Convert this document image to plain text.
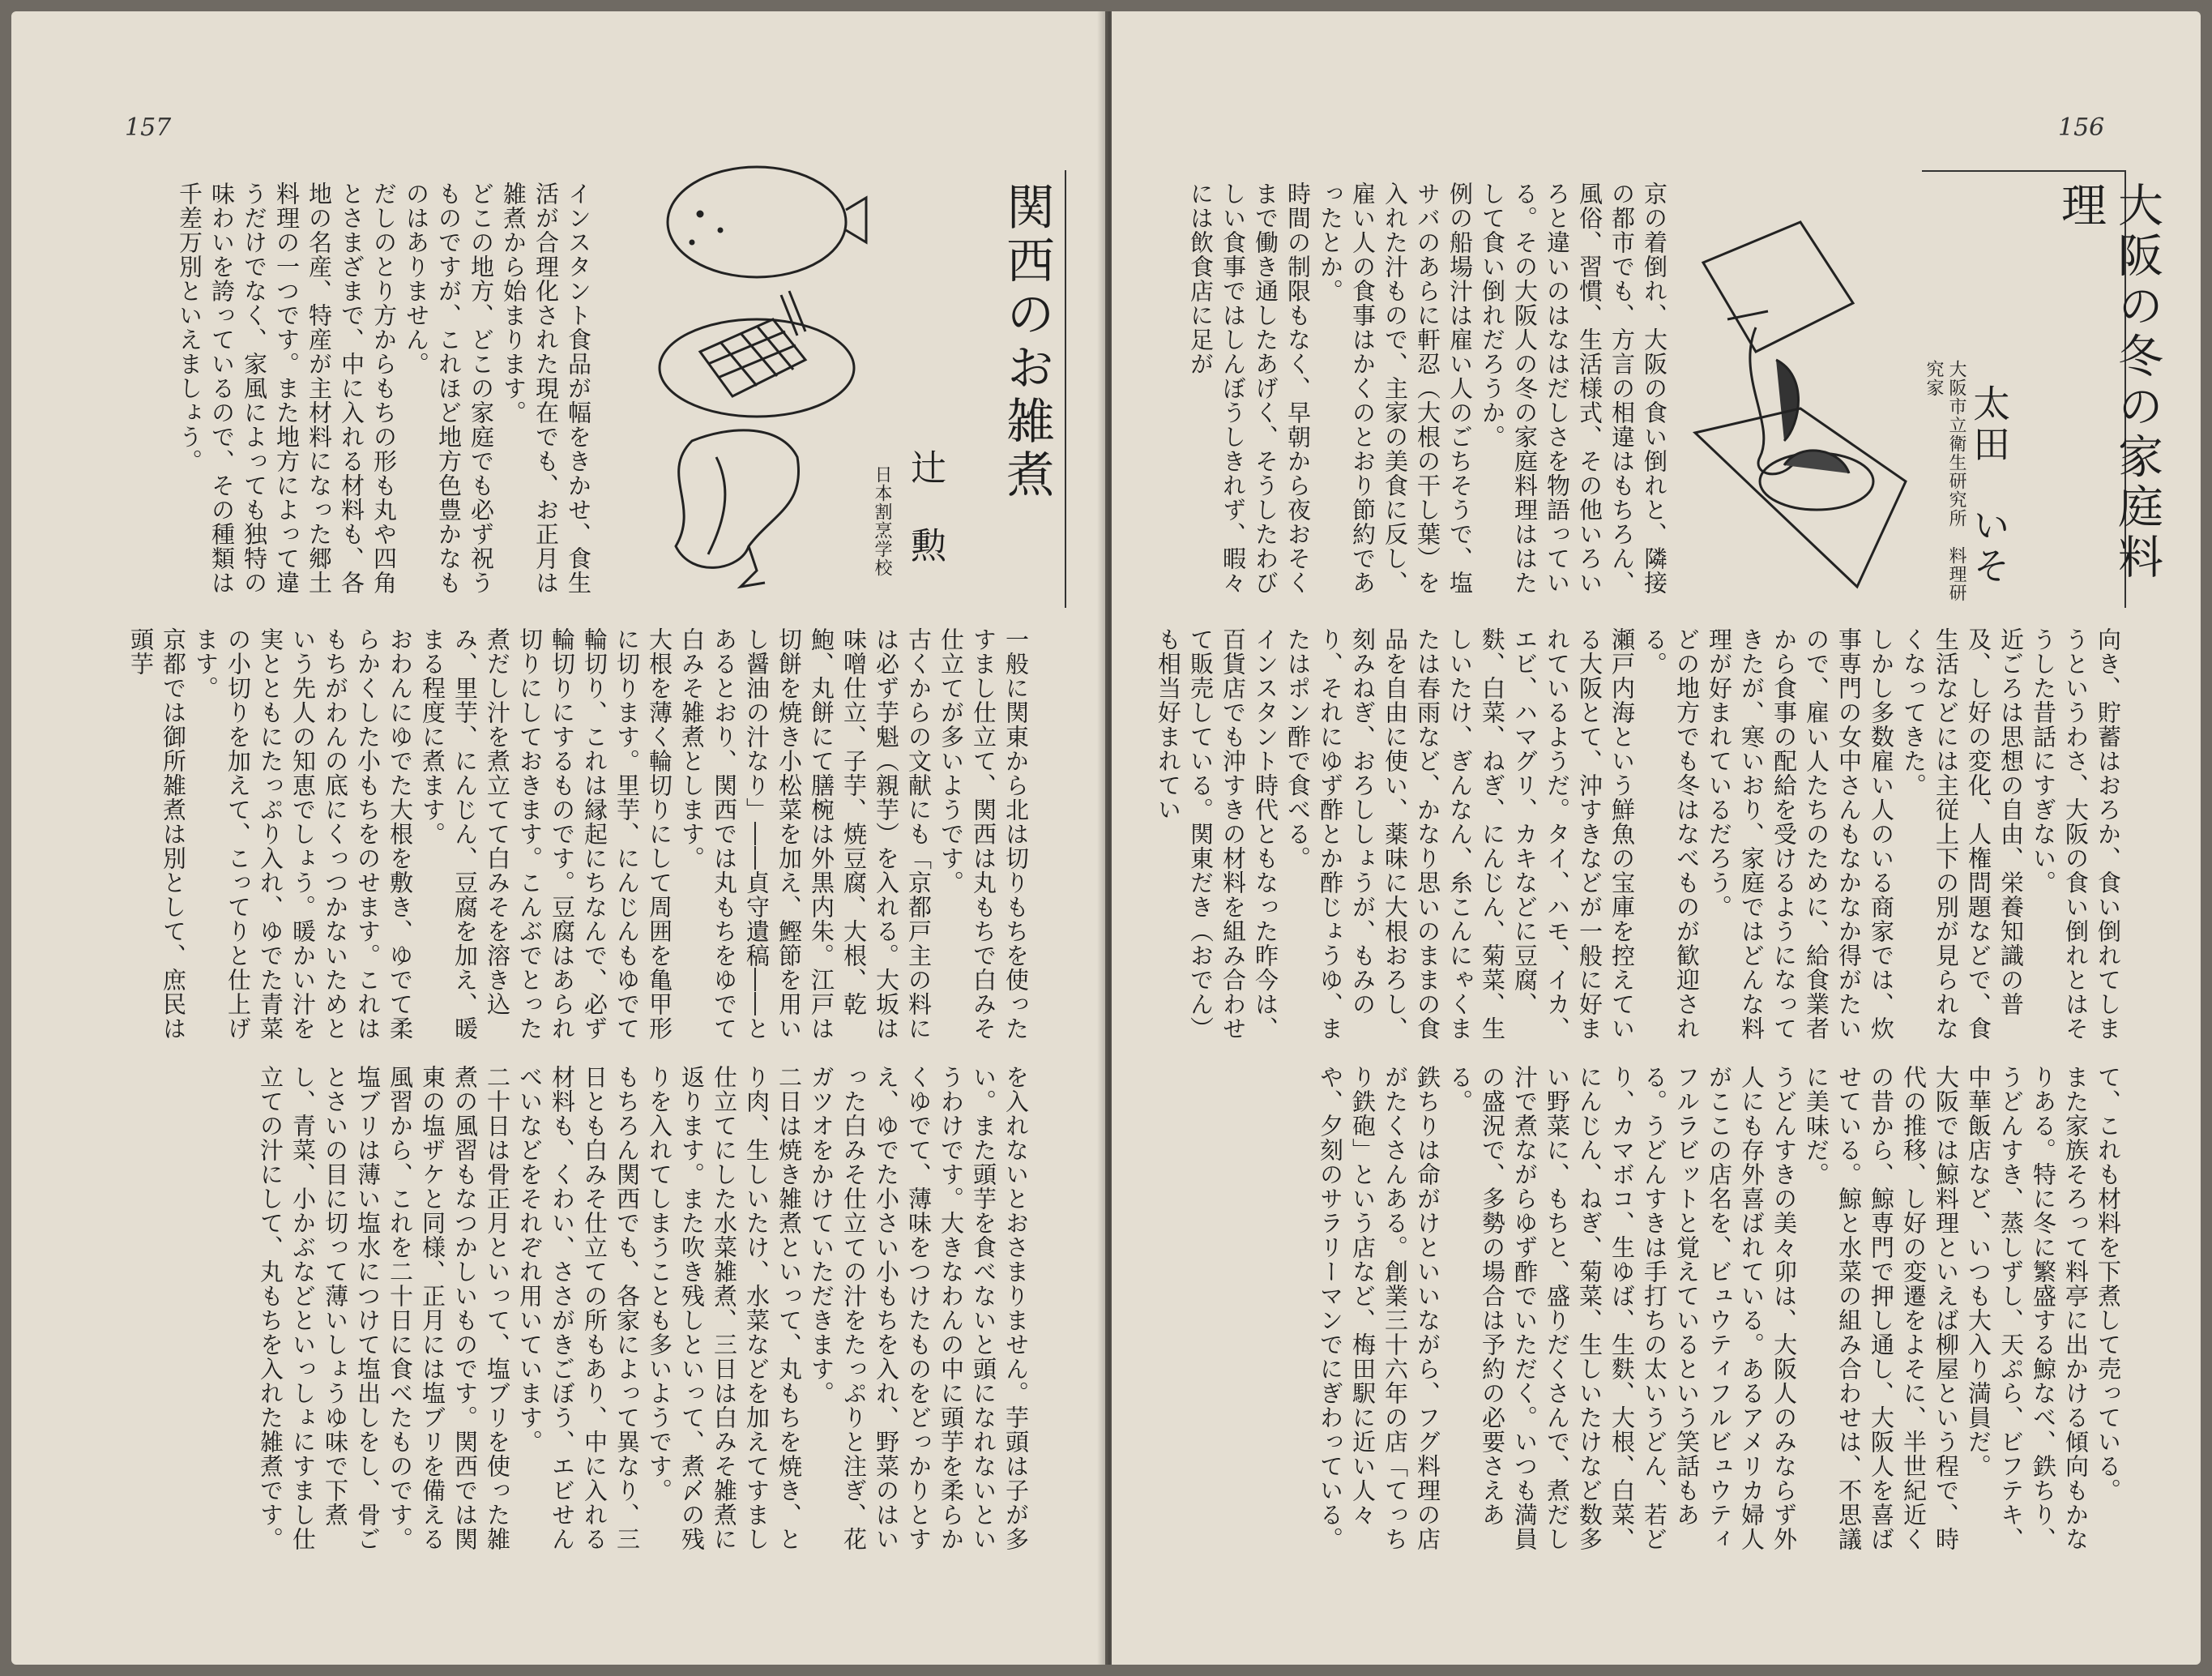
157
関西のお雑煮
辻　勲
日本割烹学校

インスタント食品が幅をきかせ、食生活が合理化された現在でも、お正月は雑煮から始まります。
どこの地方、どこの家庭でも必ず祝うものですが、これほど地方色豊かなものはありません。
だしのとり方からもちの形も丸や四角とさまざまで、中に入れる材料も、各地の名産、特産が主材料になった郷土料理の一つです。また地方によって違うだけでなく、家風によっても独特の味わいを誇っているので、その種類は千差万別といえましょう。

一般に関東から北は切りもちを使ったすまし仕立て、関西は丸もちで白みそ仕立てが多いようです。
古くからの文献にも「京都戸主の料には必ず芋魁（親芋）を入れる。大坂は味噌仕立、子芋、焼豆腐、大根、乾鮑、丸餅にて膳椀は外黒内朱。江戸は切餅を焼き小松菜を加え、鰹節を用いし醤油の汁なり」――貞守遺稿――とあるとおり、関西では丸もちをゆでて白みそ雑煮とします。
大根を薄く輪切りにして周囲を亀甲形に切ります。里芋、にんじんもゆでて輪切り、これは縁起にちなんで、必ず輪切りにするものです。豆腐はあられ切りにしておきます。こんぶでとった煮だし汁を煮立てて白みそを溶き込み、里芋、にんじん、豆腐を加え、暖まる程度に煮ます。
おわんにゆでた大根を敷き、ゆでて柔らかくした小もちをのせます。これはもちがわんの底にくっつかないためという先人の知恵でしょう。暖かい汁を実とともにたっぷり入れ、ゆでた青菜の小切りを加えて、こってりと仕上げます。
京都では御所雑煮は別として、庶民は頭芋

を入れないとおさまりません。芋頭は子が多い。また頭芋を食べないと頭になれないというわけです。大きなわんの中に頭芋を柔らかくゆでて、薄味をつけたものをどっかりとすえ、ゆでた小さい小もちを入れ、野菜のはいった白みそ仕立ての汁をたっぷりと注ぎ、花ガツオをかけていただきます。
二日は焼き雑煮といって、丸もちを焼き、とり肉、生しいたけ、水菜などを加えてすまし仕立てにした水菜雑煮、三日は白みそ雑煮に返ります。また吹き残しといって、煮〆の残りを入れてしまうことも多いようです。
もちろん関西でも、各家によって異なり、三日とも白みそ仕立ての所もあり、中に入れる材料も、くわい、ささがきごぼう、エビせんべいなどをそれぞれ用いています。
二十日は骨正月といって、塩ブリを使った雑煮の風習もなつかしいものです。関西では関東の塩ザケと同様、正月には塩ブリを備える風習から、これを二十日に食べたものです。
塩ブリは薄い塩水につけて塩出しをし、骨ごとさいの目に切って薄いしょうゆ味で下煮し、青菜、小かぶなどといっしょにすまし仕立ての汁にして、丸もちを入れた雑煮です。

156
大阪の冬の家庭料理
太田　いそ
大阪市立衛生研究所　料理研究家

京の着倒れ、大阪の食い倒れと、隣接の都市でも、方言の相違はもちろん、風俗、習慣、生活様式、その他いろいろと違いのはなはだしさを物語っている。その大阪人の冬の家庭料理ははたして食い倒れだろうか。
例の船場汁は雇い人のごちそうで、塩サバのあらに軒忍（大根の干し葉）を入れた汁もので、主家の美食に反し、雇い人の食事はかくのとおり節約であったとか。
時間の制限もなく、早朝から夜おそくまで働き通したあげく、そうしたわびしい食事ではしんぼうしきれず、暇々には飲食店に足が

向き、貯蓄はおろか、食い倒れてしまうというわさ、大阪の食い倒れとはそうした昔話にすぎない。
近ごろは思想の自由、栄養知識の普及、し好の変化、人権問題などで、食生活などには主従上下の別が見られなくなってきた。
しかし多数雇い人のいる商家では、炊事専門の女中さんもなかなか得がたいので、雇い人たちのために、給食業者から食事の配給を受けるようになってきたが、寒いおり、家庭ではどんな料理が好まれているだろう。
どの地方でも冬はなべものが歓迎される。
瀬戸内海という鮮魚の宝庫を控えている大阪とて、沖すきなどが一般に好まれているようだ。タイ、ハモ、イカ、エビ、ハマグリ、カキなどに豆腐、麩、白菜、ねぎ、にんじん、菊菜、生しいたけ、ぎんなん、糸こんにゃくまたは春雨など、かなり思いのままの食品を自由に使い、薬味に大根おろし、刻みねぎ、おろししょうが、もみのり、それにゆず酢とか酢じょうゆ、またはポン酢で食べる。
インスタント時代ともなった昨今は、百貨店でも沖すきの材料を組み合わせて販売している。関東だき（おでん）も相当好まれてい

て、これも材料を下煮して売っている。
また家族そろって料亭に出かける傾向もかなりある。特に冬に繁盛する鯨なべ、鉄ちり、うどんすき、蒸しずし、天ぷら、ビフテキ、中華飯店など、いつも大入り満員だ。
大阪では鯨料理といえば柳屋という程で、時代の推移、し好の変遷をよそに、半世紀近くの昔から、鯨専門で押し通し、大阪人を喜ばせている。鯨と水菜の組み合わせは、不思議に美味だ。
うどんすきの美々卯は、大阪人のみならず外人にも存外喜ばれている。あるアメリカ婦人がここの店名を、ビュウティフルビュウティフルラビットと覚えているという笑話もある。うどんすきは手打ちの太いうどん、若どり、カマボコ、生ゆば、生麩、大根、白菜、にんじん、ねぎ、菊菜、生しいたけなど数多い野菜に、もちと、盛りだくさんで、煮だし汁で煮ながらゆず酢でいただく。いつも満員の盛況で、多勢の場合は予約の必要さえある。
鉄ちりは命がけといいながら、フグ料理の店がたくさんある。創業三十六年の店「てっちり鉄砲」という店など、梅田駅に近い人々や、夕刻のサラリーマンでにぎわっている。
